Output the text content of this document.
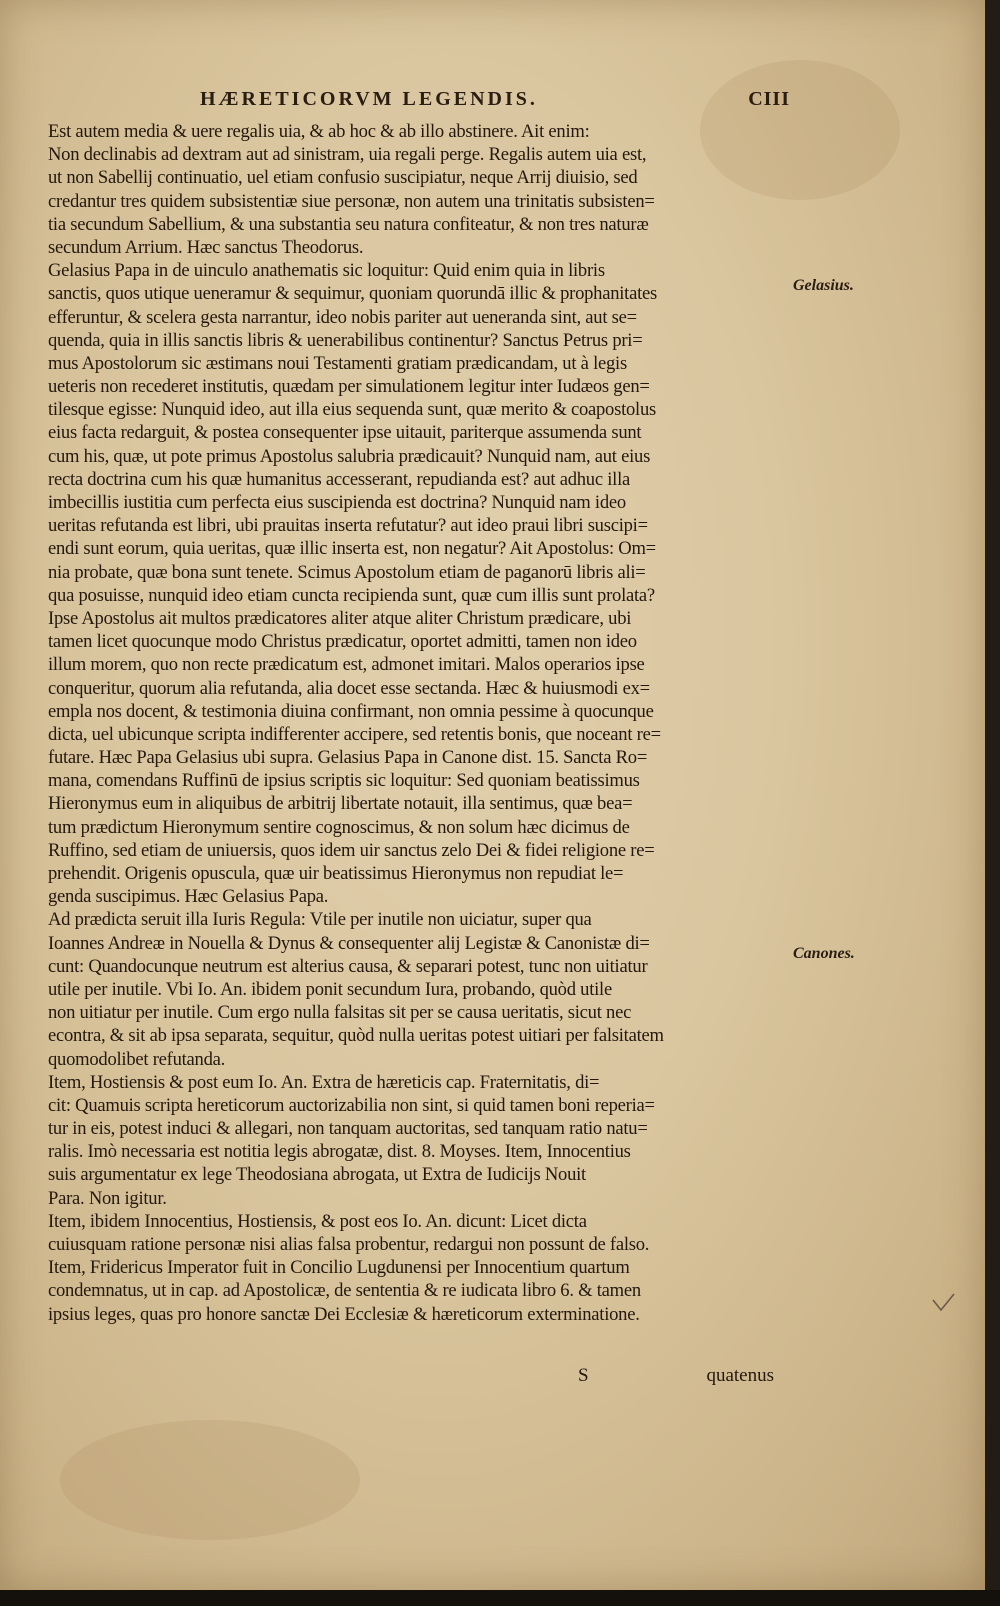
HÆRETICORVM LEGENDIS.	CIII
Est autem media & uere regalis uia, & ab hoc & ab illo abstinere. Ait enim:
Non declinabis ad dextram aut ad sinistram, uia regali perge. Regalis autem uia est,
ut non Sabellij continuatio, uel etiam confusio suscipiatur, neque Arrij diuisio, sed
credantur tres quidem subsistentiæ siue personæ, non autem una trinitatis subsisten=
tia secundum Sabellium, & una substantia seu natura confiteatur, & non tres naturæ
secundum Arrium. Hæc sanctus Theodorus.
Gelasius Papa in de uinculo anathematis sic loquitur: Quid enim quia in libris
sanctis, quos utique ueneramur & sequimur, quoniam quorundā illic & prophanitates
efferuntur, & scelera gesta narrantur, ideo nobis pariter aut ueneranda sint, aut se=
quenda, quia in illis sanctis libris & uenerabilibus continentur? Sanctus Petrus pri=
mus Apostolorum sic æstimans noui Testamenti gratiam prædicandam, ut à legis
ueteris non recederet institutis, quædam per simulationem legitur inter Iudæos gen=
tilesque egisse: Nunquid ideo, aut illa eius sequenda sunt, quæ merito & coapostolus
eius facta redarguit, & postea consequenter ipse uitauit, pariterque assumenda sunt
cum his, quæ, ut pote primus Apostolus salubria prædicauit? Nunquid nam, aut eius
recta doctrina cum his quæ humanitus accesserant, repudianda est? aut adhuc illa
imbecillis iustitia cum perfecta eius suscipienda est doctrina? Nunquid nam ideo
ueritas refutanda est libri, ubi prauitas inserta refutatur? aut ideo praui libri suscipi=
endi sunt eorum, quia ueritas, quæ illic inserta est, non negatur? Ait Apostolus: Om=
nia probate, quæ bona sunt tenete. Scimus Apostolum etiam de paganorū libris ali=
qua posuisse, nunquid ideo etiam cuncta recipienda sunt, quæ cum illis sunt prolata?
Ipse Apostolus ait multos prædicatores aliter atque aliter Christum prædicare, ubi
tamen licet quocunque modo Christus prædicatur, oportet admitti, tamen non ideo
illum morem, quo non recte prædicatum est, admonet imitari. Malos operarios ipse
conqueritur, quorum alia refutanda, alia docet esse sectanda. Hæc & huiusmodi ex=
empla nos docent, & testimonia diuina confirmant, non omnia pessime à quocunque
dicta, uel ubicunque scripta indifferenter accipere, sed retentis bonis, que noceant re=
futare. Hæc Papa Gelasius ubi supra. Gelasius Papa in Canone dist. 15. Sancta Ro=
mana, comendans Ruffinū de ipsius scriptis sic loquitur: Sed quoniam beatissimus
Hieronymus eum in aliquibus de arbitrij libertate notauit, illa sentimus, quæ bea=
tum prædictum Hieronymum sentire cognoscimus, & non solum hæc dicimus de
Ruffino, sed etiam de uniuersis, quos idem uir sanctus zelo Dei & fidei religione re=
prehendit. Origenis opuscula, quæ uir beatissimus Hieronymus non repudiat le=
genda suscipimus. Hæc Gelasius Papa.
Ad prædicta seruit illa Iuris Regula: Vtile per inutile non uiciatur, super qua
Ioannes Andreæ in Nouella & Dynus & consequenter alij Legistæ & Canonistæ di=
cunt: Quandocunque neutrum est alterius causa, & separari potest, tunc non uitiatur
utile per inutile. Vbi Io. An. ibidem ponit secundum Iura, probando, quòd utile
non uitiatur per inutile. Cum ergo nulla falsitas sit per se causa ueritatis, sicut nec
econtra, & sit ab ipsa separata, sequitur, quòd nulla ueritas potest uitiari per falsitatem
quomodolibet refutanda.
Item, Hostiensis & post eum Io. An. Extra de hæreticis cap. Fraternitatis, di=
cit: Quamuis scripta hereticorum auctorizabilia non sint, si quid tamen boni reperia=
tur in eis, potest induci & allegari, non tanquam auctoritas, sed tanquam ratio natu=
ralis. Imò necessaria est notitia legis abrogatæ, dist. 8. Moyses. Item, Innocentius
suis argumentatur ex lege Theodosiana abrogata, ut Extra de Iudicijs Nouit
Para. Non igitur.
Item, ibidem Innocentius, Hostiensis, & post eos Io. An. dicunt: Licet dicta
cuiusquam ratione personæ nisi alias falsa probentur, redargui non possunt de falso.
Item, Fridericus Imperator fuit in Concilio Lugdunensi per Innocentium quartum
condemnatus, ut in cap. ad Apostolicæ, de sententia & re iudicata libro 6. & tamen
ipsius leges, quas pro honore sanctæ Dei Ecclesiæ & hæreticorum exterminatione.
Gelasius.
Canones.
S	quatenus
